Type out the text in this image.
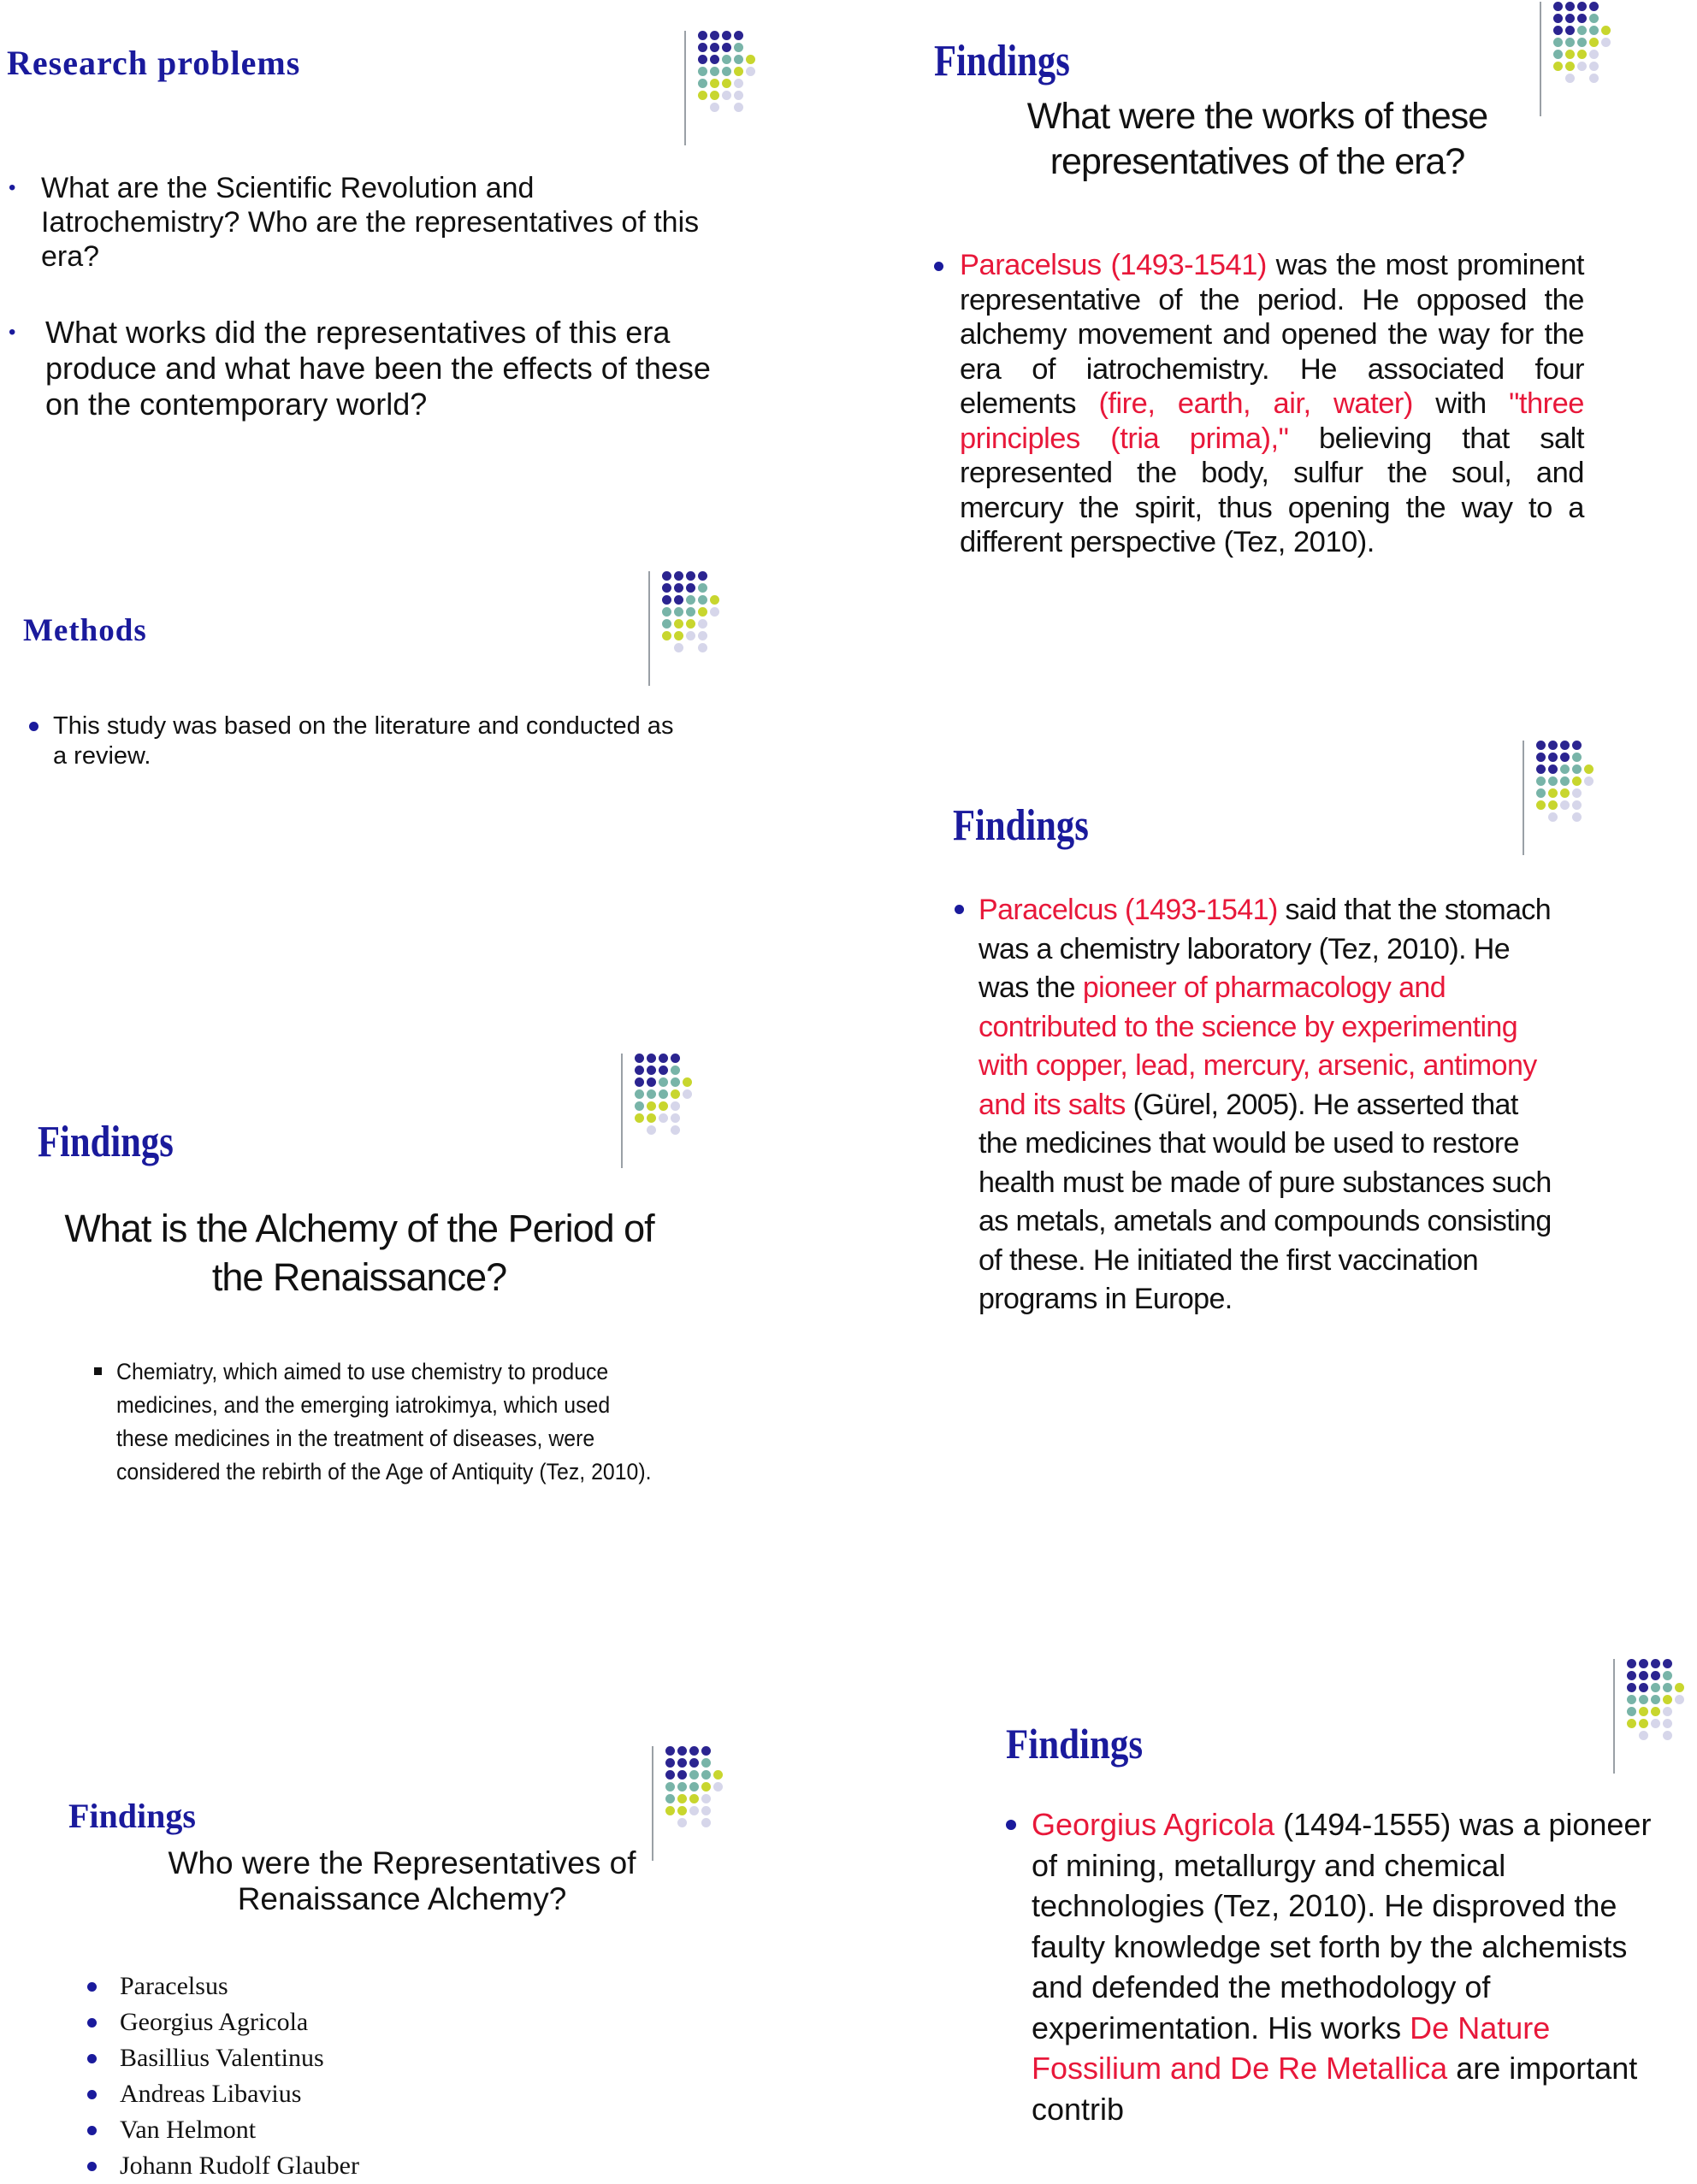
Research problems
• What are the Scientific Revolution and Iatrochemistry? Who are the representatives of this era?
• What works did the representatives of this era produce and what have been the effects of these on the contemporary world?
Methods
This study was based on the literature and conducted as a review.
Findings
What is the Alchemy of the Period of the Renaissance?
Chemiatry, which aimed to use chemistry to produce medicines, and the emerging iatrokimya, which used these medicines in the treatment of diseases, were considered the rebirth of the Age of Antiquity (Tez, 2010).
Findings
Who were the Representatives of Renaissance Alchemy?
Paracelsus
Georgius Agricola
Basillius Valentinus
Andreas Libavius
Van Helmont
Johann Rudolf Glauber
Findings
What were the works of these representatives of the era?
Paracelsus (1493-1541) was the most prominent representative of the period. He opposed the alchemy movement and opened the way for the era of iatrochemistry. He associated four elements (fire, earth, air, water) with "three principles (tria prima)," believing that salt represented the body, sulfur the soul, and mercury the spirit, thus opening the way to a different perspective (Tez, 2010).
Findings
Paracelcus (1493-1541) said that the stomach was a chemistry laboratory (Tez, 2010). He was the pioneer of pharmacology and contributed to the science by experimenting with copper, lead, mercury, arsenic, antimony and its salts (Gürel, 2005). He asserted that the medicines that would be used to restore health must be made of pure substances such as metals, ametals and compounds consisting of these. He initiated the first vaccination programs in Europe.
Findings
Georgius Agricola (1494-1555) was a pioneer of mining, metallurgy and chemical technologies (Tez, 2010). He disproved the faulty knowledge set forth by the alchemists and defended the methodology of experimentation. His works De Nature Fossilium and De Re Metallica are important contrib
